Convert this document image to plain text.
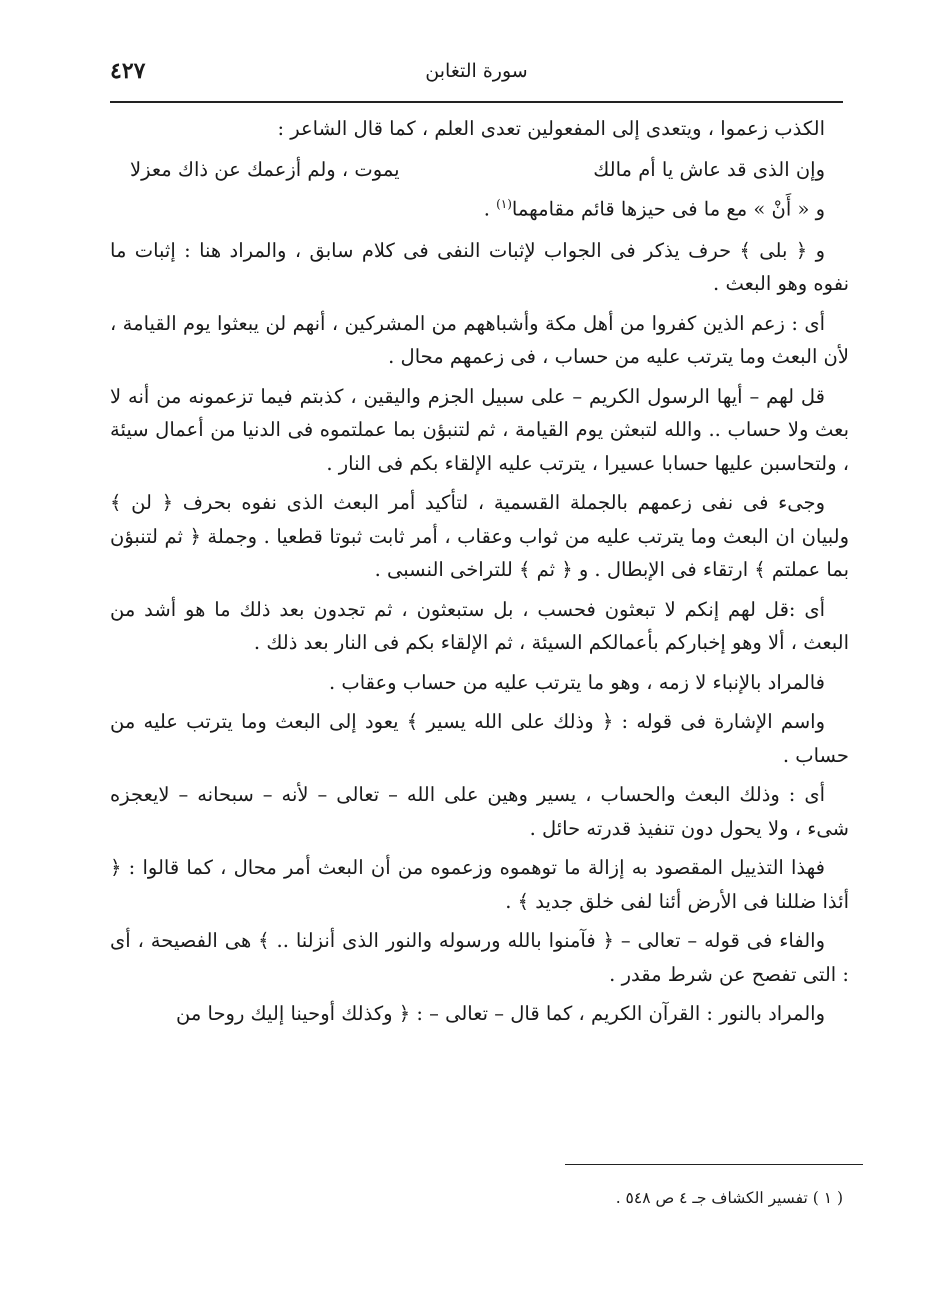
٤٢٧	سورة التغابن

الكذب زعموا ، ويتعدى إلى المفعولين تعدى العلم ، كما قال الشاعر :

وإن الذى قد عاش يا أم مالك
يموت ، ولم أزعمك عن ذاك معزلا

و « أَنْ » مع ما فى حيزها قائم مقامهما$^{(١)}$ .

و ﴿ بلى ﴾ حرف يذكر فى الجواب لإثبات النفى فى كلام سابق ، والمراد هنا : إثبات ما نفوه وهو البعث .

أى : زعم الذين كفروا من أهل مكة وأشباههم من المشركين ، أنهم لن يبعثوا يوم القيامة ، لأن البعث وما يترتب عليه من حساب ، فى زعمهم محال .

قل لهم – أيها الرسول الكريم – على سبيل الجزم واليقين ، كذبتم فيما تزعمونه من أنه لا بعث ولا حساب .. والله لتبعثن يوم القيامة ، ثم لتنبؤن بما عملتموه فى الدنيا من أعمال سيئة ، ولتحاسبن عليها حسابا عسيرا ، يترتب عليه الإلقاء بكم فى النار .

وجىء فى نفى زعمهم بالجملة القسمية ، لتأكيد أمر البعث الذى نفوه بحرف ﴿ لن ﴾ ولبيان ان البعث وما يترتب عليه من ثواب وعقاب ، أمر ثابت ثبوتا قطعيا . وجملة ﴿ ثم لتنبؤن بما عملتم ﴾ ارتقاء فى الإبطال . و ﴿ ثم ﴾ للتراخى النسبى .

أى :قل لهم إنكم لا تبعثون فحسب ، بل ستبعثون ، ثم تجدون بعد ذلك ما هو أشد من البعث ، ألا وهو إخباركم بأعمالكم السيئة ، ثم الإلقاء بكم فى النار بعد ذلك .

فالمراد بالإنباء لا زمه ، وهو ما يترتب عليه من حساب وعقاب .

واسم الإشارة فى قوله : ﴿ وذلك على الله يسير ﴾ يعود إلى البعث وما يترتب عليه من حساب .

أى : وذلك البعث والحساب ، يسير وهين على الله – تعالى – لأنه – سبحانه – لايعجزه شىء ، ولا يحول دون تنفيذ قدرته حائل .

فهذا التذييل المقصود به إزالة ما توهموه وزعموه من أن البعث أمر محال ، كما قالوا : ﴿ أئذا ضللنا فى الأرض أئنا لفى خلق جديد ﴾ .

والفاء فى قوله – تعالى – ﴿ فآمنوا بالله ورسوله والنور الذى أنزلنا .. ﴾ هى الفصيحة ، أى : التى تفصح عن شرط مقدر .

والمراد بالنور : القرآن الكريم ، كما قال – تعالى – : ﴿ وكذلك أوحينا إليك روحا من

( ١ ) تفسير الكشاف جـ ٤ ص ٥٤٨ .
